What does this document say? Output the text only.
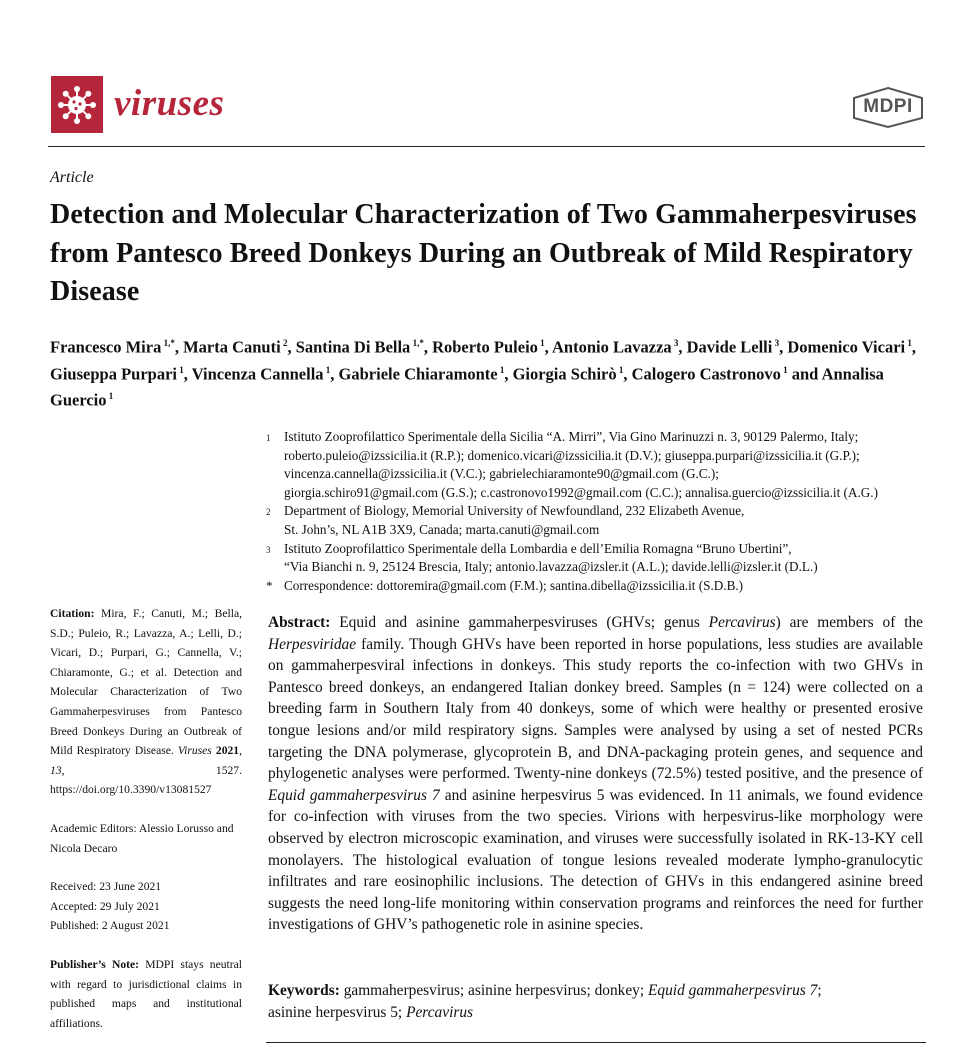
viruses	MDPI
Article
Detection and Molecular Characterization of Two Gammaherpesviruses from Pantesco Breed Donkeys During an Outbreak of Mild Respiratory Disease
Francesco Mira $^{1,*}$, Marta Canuti $^2$, Santina Di Bella $^{1,*}$, Roberto Puleio $^1$, Antonio Lavazza $^3$, Davide Lelli $^3$, Domenico Vicari $^1$, Giuseppa Purpari $^1$, Vincenza Cannella $^1$, Gabriele Chiaramonte $^1$, Giorgia Schirò $^1$, Calogero Castronovo $^1$ and Annalisa Guercio $^1$
1	Istituto Zooprofilattico Sperimentale della Sicilia “A. Mirri”, Via Gino Marinuzzi n. 3, 90129 Palermo, Italy;
roberto.puleio@izssicilia.it (R.P.); domenico.vicari@izssicilia.it (D.V.); giuseppa.purpari@izssicilia.it (G.P.);
vincenza.cannella@izssicilia.it (V.C.); gabrielechiaramonte90@gmail.com (G.C.);
giorgia.schiro91@gmail.com (G.S.); c.castronovo1992@gmail.com (C.C.); annalisa.guercio@izssicilia.it (A.G.)
2	Department of Biology, Memorial University of Newfoundland, 232 Elizabeth Avenue,
St. John’s, NL A1B 3X9, Canada; marta.canuti@gmail.com
3	Istituto Zooprofilattico Sperimentale della Lombardia e dell’Emilia Romagna “Bruno Ubertini”,
“Via Bianchi n. 9, 25124 Brescia, Italy; antonio.lavazza@izsler.it (A.L.); davide.lelli@izsler.it (D.L.)
* Correspondence: dottoremira@gmail.com (F.M.); santina.dibella@izssicilia.it (S.D.B.)

Citation: Mira, F.; Canuti, M.; Bella, S.D.; Puleio, R.; Lavazza, A.; Lelli, D.; Vicari, D.; Purpari, G.; Cannella, V.; Chiaramonte, G.; et al. Detection and Molecular Characterization of Two Gammaherpesviruses from Pantesco Breed Donkeys During an Outbreak of Mild Respiratory Disease. Viruses 2021, 13, 1527. https://doi.org/10.3390/v13081527

Academic Editors: Alessio Lorusso and Nicola Decaro

Received: 23 June 2021

Accepted: 29 July 2021

Published: 2 August 2021

Publisher’s Note: MDPI stays neutral with regard to jurisdictional claims in published maps and institutional affiliations.

Abstract: Equid and asinine gammaherpesviruses (GHVs; genus Percavirus) are members of the Herpesviridae family. Though GHVs have been reported in horse populations, less studies are available on gammaherpesviral infections in donkeys. This study reports the co-infection with two GHVs in Pantesco breed donkeys, an endangered Italian donkey breed. Samples (n = 124) were collected on a breeding farm in Southern Italy from 40 donkeys, some of which were healthy or presented erosive tongue lesions and/or mild respiratory signs. Samples were analysed by using a set of nested PCRs targeting the DNA polymerase, glycoprotein B, and DNA-packaging protein genes, and sequence and phylogenetic analyses were performed. Twenty-nine donkeys (72.5%) tested positive, and the presence of Equid gammaherpesvirus 7 and asinine herpesvirus 5 was evidenced. In 11 animals, we found evidence for co-infection with viruses from the two species. Virions with herpesvirus-like morphology were observed by electron microscopic examination, and viruses were successfully isolated in RK-13-KY cell monolayers. The histological evaluation of tongue lesions revealed moderate lympho-granulocytic infiltrates and rare eosinophilic inclusions. The detection of GHVs in this endangered asinine breed suggests the need long-life monitoring within conservation programs and reinforces the need for further investigations of GHV’s pathogenetic role in asinine species.
Keywords: gammaherpesvirus; asinine herpesvirus; donkey; Equid gammaherpesvirus 7;
asinine herpesvirus 5; Percavirus
